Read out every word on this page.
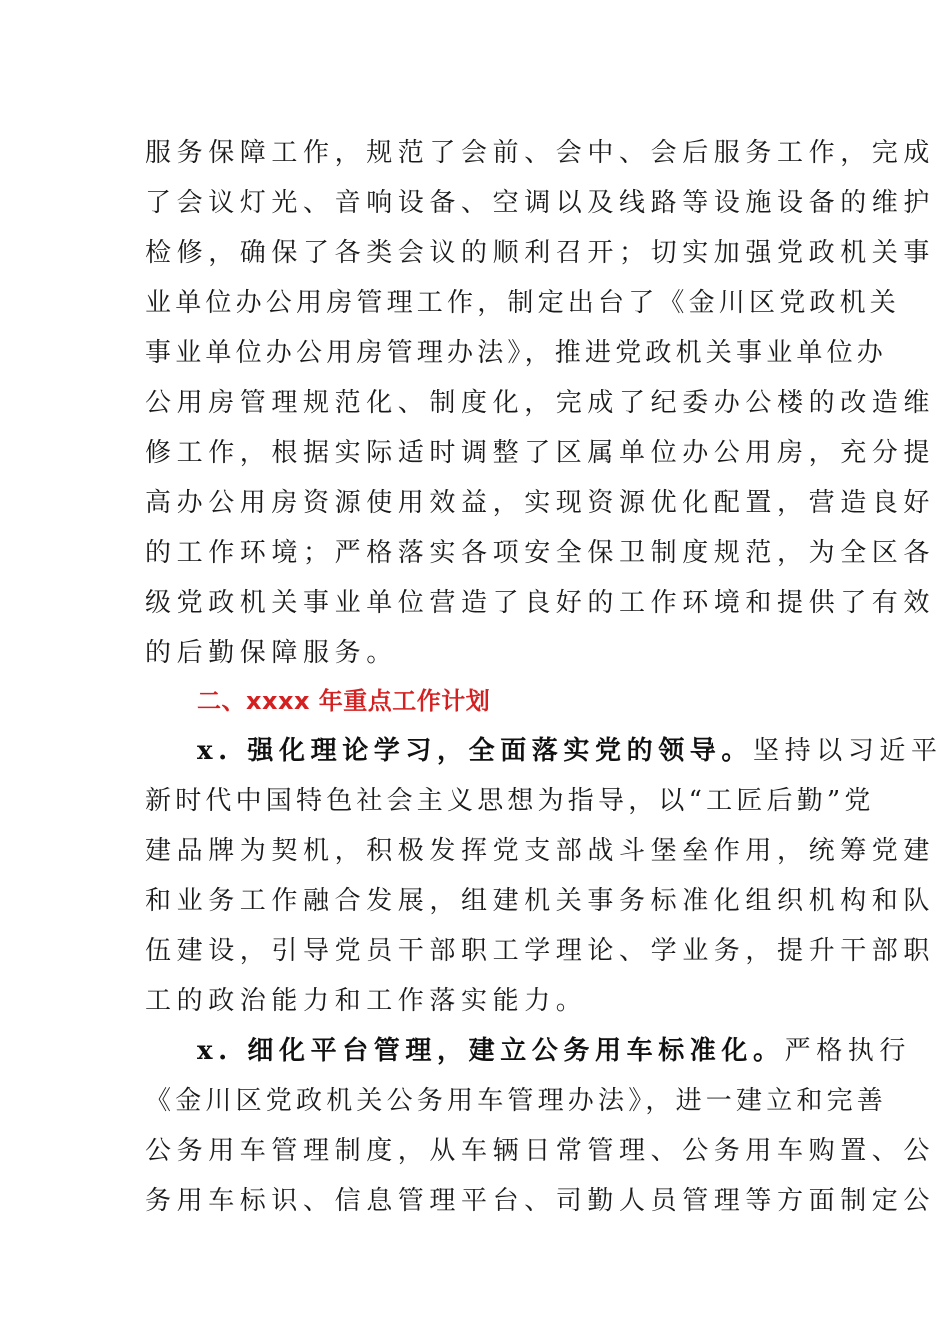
服务保障工作，规范了会前、会中、会后服务工作，完成
了会议灯光、音响设备、空调以及线路等设施设备的维护
检修，确保了各类会议的顺利召开；切实加强党政机关事
业单位办公用房管理工作，制定出台了《金川区党政机关
事业单位办公用房管理办法》，推进党政机关事业单位办
公用房管理规范化、制度化，完成了纪委办公楼的改造维
修工作，根据实际适时调整了区属单位办公用房，充分提
高办公用房资源使用效益，实现资源优化配置，营造良好
的工作环境；严格落实各项安全保卫制度规范，为全区各
级党政机关事业单位营造了良好的工作环境和提供了有效
的后勤保障服务。
二、xxxx 年重点工作计划
x. 强化理论学习，全面落实党的领导。坚持以习近平
新时代中国特色社会主义思想为指导，以“工匠后勤”党
建品牌为契机，积极发挥党支部战斗堡垒作用，统筹党建
和业务工作融合发展，组建机关事务标准化组织机构和队
伍建设，引导党员干部职工学理论、学业务，提升干部职
工的政治能力和工作落实能力。
x. 细化平台管理，建立公务用车标准化。严格执行
《金川区党政机关公务用车管理办法》，进一建立和完善
公务用车管理制度，从车辆日常管理、公务用车购置、公
务用车标识、信息管理平台、司勤人员管理等方面制定公
